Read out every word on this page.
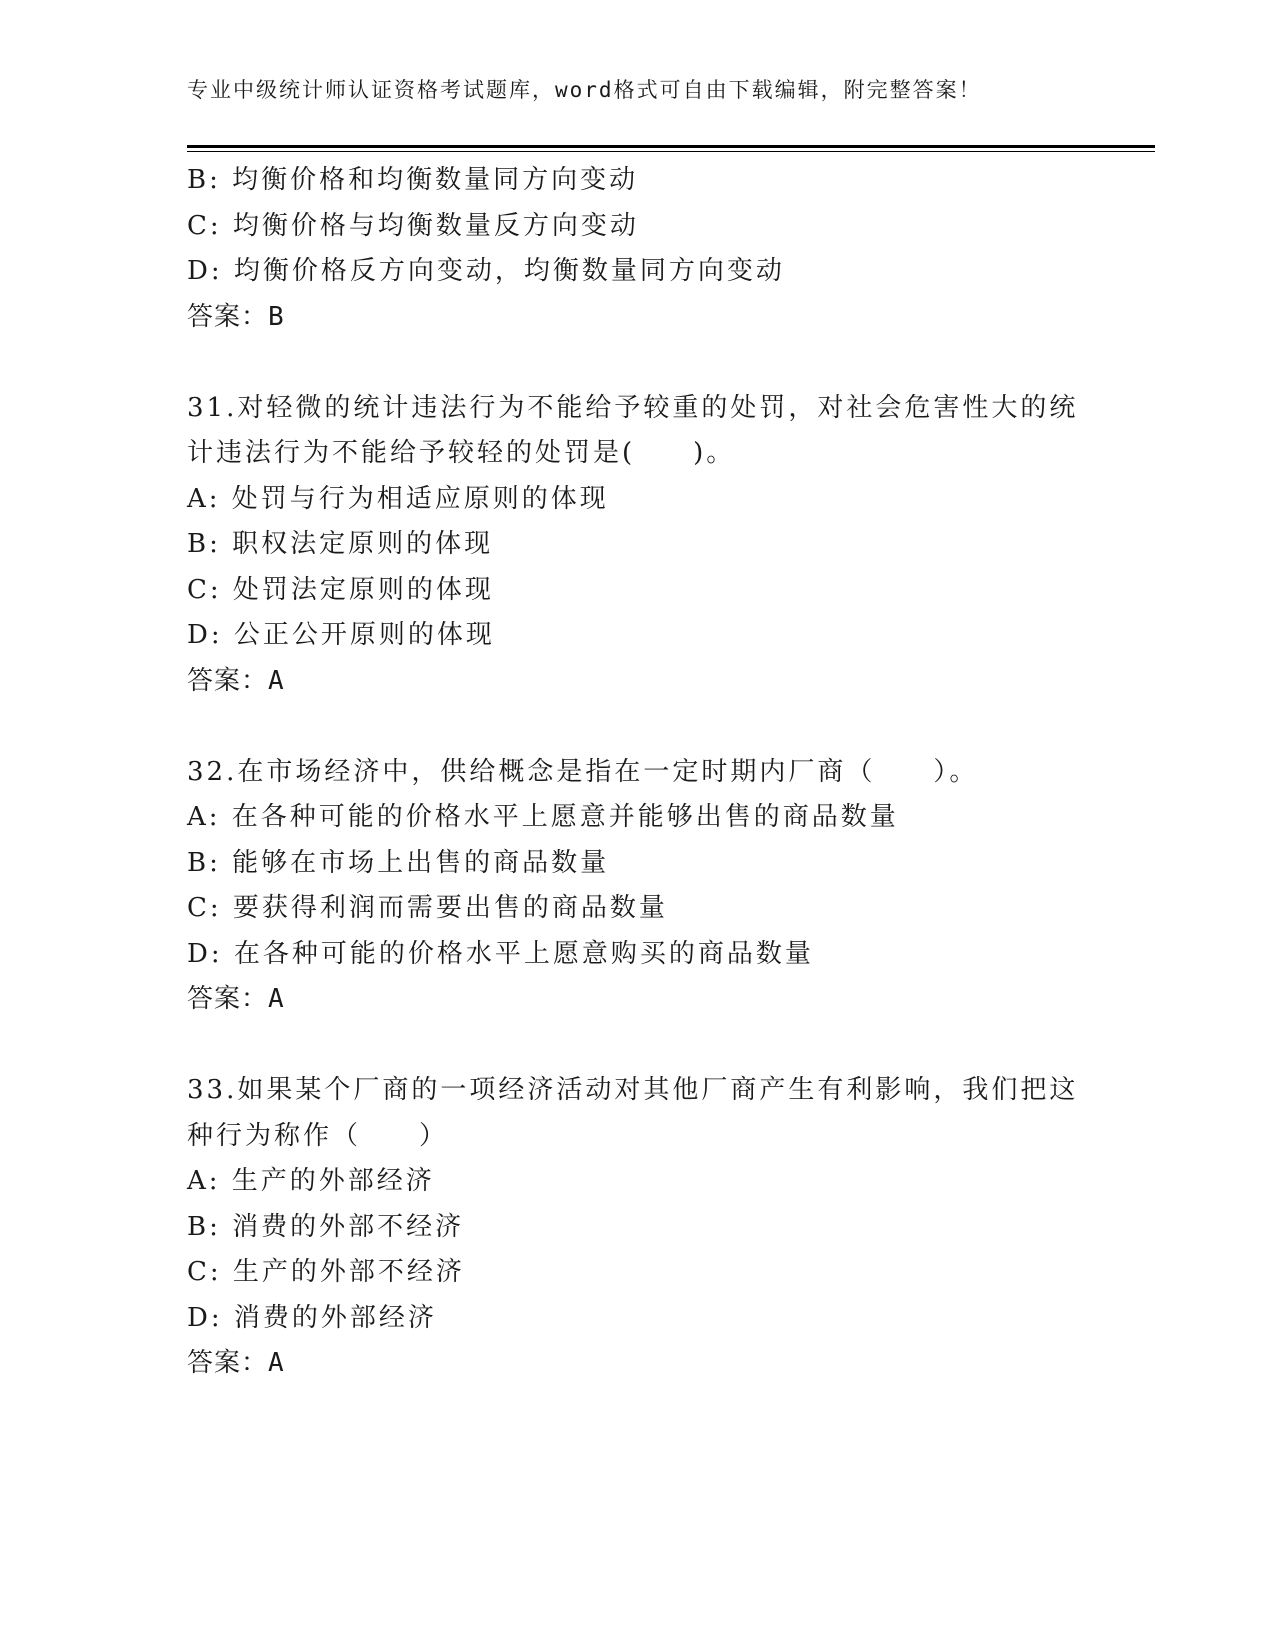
专业中级统计师认证资格考试题库，word格式可自由下载编辑，附完整答案！
B: 均衡价格和均衡数量同方向变动
C: 均衡价格与均衡数量反方向变动
D: 均衡价格反方向变动，均衡数量同方向变动
答案：B
31.对轻微的统计违法行为不能给予较重的处罚，对社会危害性大的统
计违法行为不能给予较轻的处罚是(　　)。
A: 处罚与行为相适应原则的体现
B: 职权法定原则的体现
C: 处罚法定原则的体现
D: 公正公开原则的体现
答案：A
32.在市场经济中，供给概念是指在一定时期内厂商（　　）。
A: 在各种可能的价格水平上愿意并能够出售的商品数量
B: 能够在市场上出售的商品数量
C: 要获得利润而需要出售的商品数量
D: 在各种可能的价格水平上愿意购买的商品数量
答案：A
33.如果某个厂商的一项经济活动对其他厂商产生有利影响，我们把这
种行为称作（　　）
A: 生产的外部经济
B: 消费的外部不经济
C: 生产的外部不经济
D: 消费的外部经济
答案：A
